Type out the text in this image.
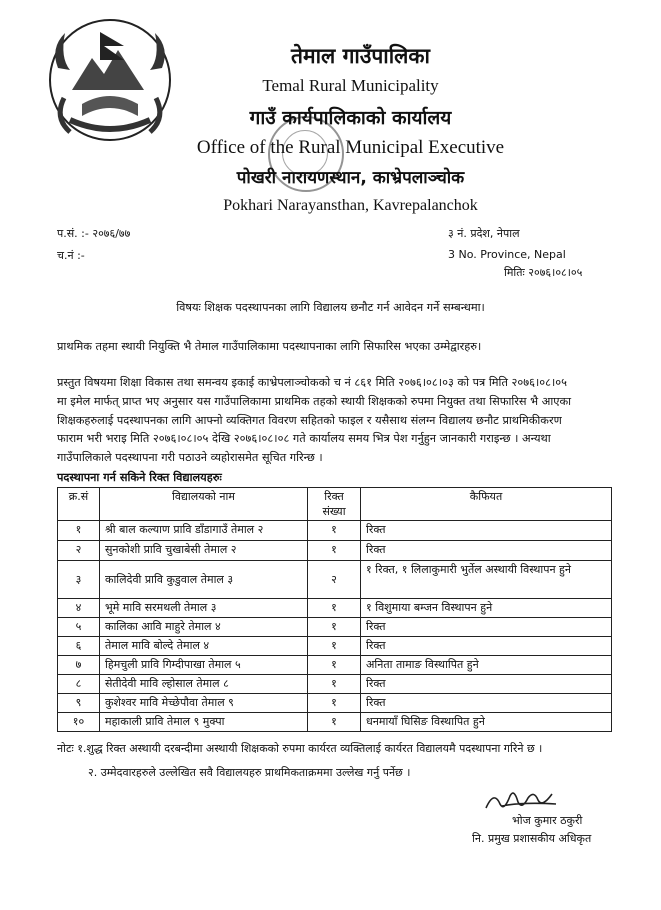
तेमाल गाउँपालिका
Temal Rural Municipality
गाउँ कार्यपालिकाको कार्यालय
Office of the Rural Municipal Executive
पोखरी नारायणस्थान, काभ्रेपलाञ्चोक
Pokhari Narayansthan, Kavrepalanchok
प.सं. :- २०७६/७७
च.नं :-
३ नं. प्रदेश, नेपाल
3 No. Province, Nepal
मितिः २०७६।०८।०५
विषयः शिक्षक पदस्थापनका लागि विद्यालय छनौट गर्न आवेदन गर्ने सम्बन्धमा।
प्राथमिक तहमा स्थायी नियुक्ति भै तेमाल गाउँपालिकामा पदस्थापनाका लागि सिफारिस भएका उम्मेद्वारहरु।
प्रस्तुत विषयमा शिक्षा विकास तथा समन्वय इकाई काभ्रेपलाञ्चोकको च नं ८६१ मिति २०७६।०८।०३ को पत्र मिति २०७६।०८।०५
मा इमेल मार्फत् प्राप्त भए अनुसार यस गाउँपालिकामा प्राथमिक तहको स्थायी शिक्षकको रुपमा नियुक्त तथा सिफारिस भै आएका
शिक्षकहरुलाई पदस्थापनका लागि आफ्नो व्यक्तिगत विवरण सहितको फाइल र यसैसाथ संलग्न विद्यालय छनौट प्राथमिकीकरण
फाराम भरी भराइ मिति २०७६।०८।०५ देखि २०७६।०८।०८ गते कार्यालय समय भित्र पेश गर्नुहुन जानकारी गराइन्छ । अन्यथा
गाउँपालिकाले पदस्थापना गरी पठाउने व्यहोरासमेत सूचित गरिन्छ ।
पदस्थापना गर्न सकिने रिक्त विद्यालयहरुः
क्र.सं	विद्यालयको नाम	रिक्त संख्या	कैफियत
१	श्री बाल कल्याण प्रावि डाँडागाउँ तेमाल २	१	रिक्त
२	सुनकोशी प्रावि चुखाबेसी तेमाल २	१	रिक्त
३	कालिदेवी प्रावि कुडुवाल तेमाल ३	२	१ रिक्त, १ लिलाकुमारी भुर्तेल अस्थायी विस्थापन हुने
४	भूमे मावि सरमथली तेमाल ३	१	१ विशुमाया बम्जन विस्थापन हुने
५	कालिका आवि माहुरे तेमाल ४	१	रिक्त
६	तेमाल मावि बोल्दे तेमाल ४	१	रिक्त
७	हिमचुली प्रावि गिम्दीपाखा तेमाल ५	१	अनिता तामाङ विस्थापित हुने
८	सेतीदेवी मावि ल्होसाल तेमाल ८	१	रिक्त
९	कुशेश्वर मावि मेच्छेपौवा तेमाल ९	१	रिक्त
१०	महाकाली प्रावि तेमाल ९ मुक्पा	१	धनमायाँ घिसिङ विस्थापित हुने
नोटः १.शुद्ध रिक्त अस्थायी दरबन्दीमा अस्थायी शिक्षकको रुपमा कार्यरत व्यक्तिलाई कार्यरत विद्यालयमै पदस्थापना गरिने छ ।
२. उम्मेदवारहरुले उल्लेखित सवै विद्यालयहरु प्राथमिकताक्रममा उल्लेख गर्नु पर्नेछ ।
भोज कुमार ठकुरी
नि. प्रमुख प्रशासकीय अधिकृत
